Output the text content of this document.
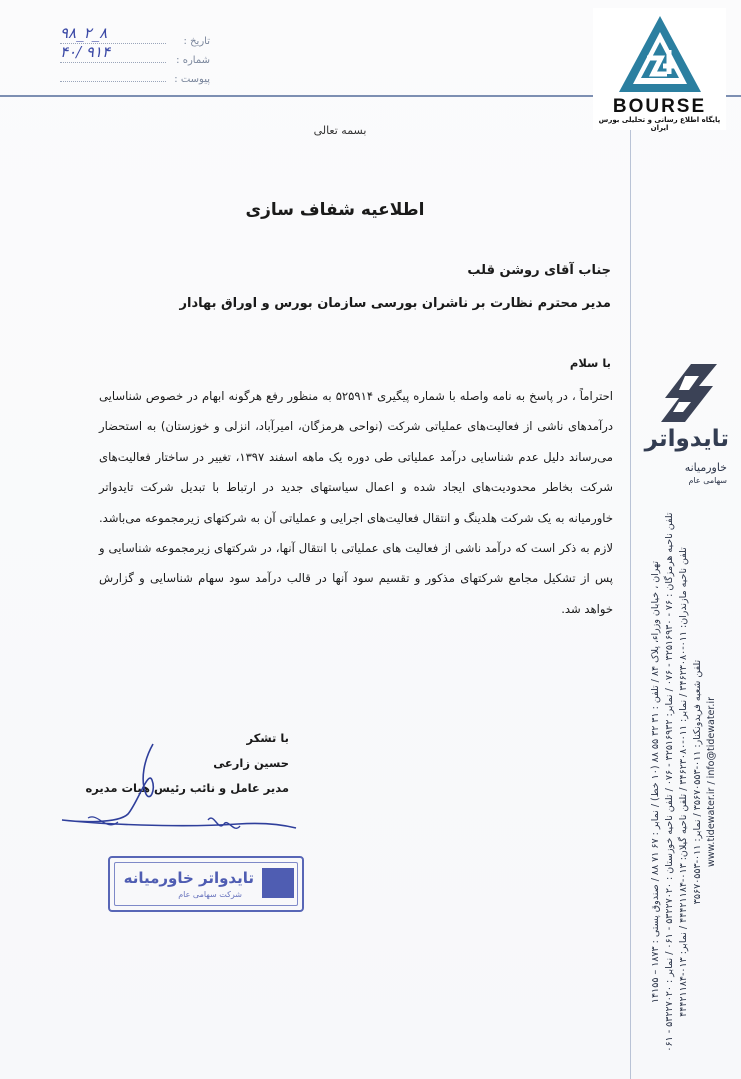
تاریخ :
۹۸_۲_۸
شماره :
۴۰/ ۹۱۴
پیوست :
BOURSE
پایگاه اطلاع رسانی و تحلیلی بورس ایران
بسمه تعالی
اطلاعیه شفاف سازی
جناب آقای روشن قلب
مدیر محترم نظارت بر ناشران بورسی سازمان بورس و اوراق بهادار
با سلام
احتراماً ، در پاسخ به نامه واصله با شماره پیگیری ۵۲۵۹۱۴ به منظور رفع هرگونه ابهام در خصوص شناسایی درآمدهای ناشی از فعالیت‌های عملیاتی شرکت (نواحی هرمزگان، امیرآباد، انزلی و خوزستان) به استحضار می‌رساند دلیل عدم شناسایی درآمد عملیاتی طی دوره یک ماهه اسفند ۱۳۹۷، تغییر در ساختار فعالیت‌های شرکت بخاطر محدودیت‌های ایجاد شده و اعمال سیاستهای جدید در ارتباط با تبدیل شرکت تایدواتر خاورمیانه به یک شرکت هلدینگ و انتقال فعالیت‌های اجرایی و عملیاتی آن به شرکتهای زیرمجموعه می‌باشد. لازم به ذکر است که درآمد ناشی از فعالیت های عملیاتی با انتقال آنها، در شرکتهای زیرمجموعه شناسایی و پس از تشکیل مجامع شرکتهای مذکور و تقسیم سود آنها در قالب درآمد سود سهام شناسایی و گزارش خواهد شد.
با تشکر
حسین زارعی
مدیر عامل و نائب رئیس هیات مدیره
تایدواتر خاورمیانه
شرکت سهامی عام
تایدواتر
خاورمیانه
سهامی عام
تهران ، خیابان وزراء، پلاک ۸۴ / تلفن : ۳۱ ۳۲ ۵۵ ۸۸ (۱۰ خط) / نمابر : ۶۷ ۷۱ ۸۸ / صندوق پستی : ۱۸۷۳ – ۱۴۱۵۵
تلفن ناحیه هرمزگان : ۷۶ - ۳۲۵۱۶۹۳۰ - ۰۷۶ / نمابر: ۳۲۵۱۶۹۳۲ - ۰۷۶ / تلفن ناحیه خوزستان : ۵۳۲۲۷۰۲۰ - ۰۶۱ / نمابر : ۵۳۲۲۷۰۲۰ - ۰۶۱
تلفن ناحیه مازندران: ۰۱۱-۳۴۶۲۳۰۸۰ / نمابر: ۰۱۱-۳۴۶۲۳۰۸۰ / تلفن ناحیه گیلان: ۰۱۳-۴۴۴۲۱۱۸۴ / نمابر: ۰۱۳-۴۴۴۲۱۱۸۴
تلفن شعبه فریدونکنار: ۰۱۱-۳۵۶۷۰۵۵۳ / نمابر: ۰۱۱-۳۵۶۷۰۵۵۳ www.tidewater.ir / info@tidewater.ir
